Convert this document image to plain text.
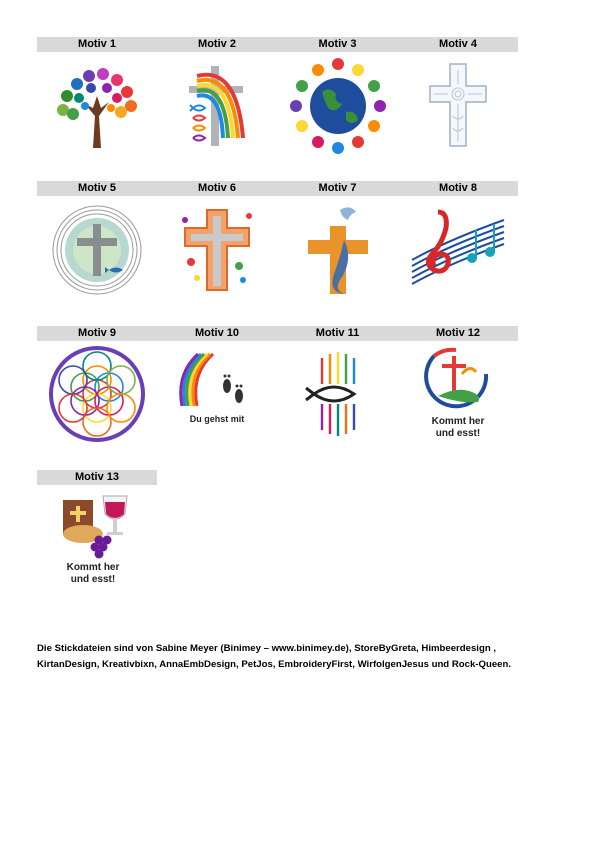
Motiv 1	Motiv 2	Motiv 3	Motiv 4
Motiv 5	Motiv 6	Motiv 7	Motiv 8
Motiv 9	Motiv 10	Motiv 11	Motiv 12
Du gehst mit	Kommt her
und esst!
Motiv 13
Kommt her
und esst!
Die Stickdateien sind von Sabine Meyer (Binimey – www.binimey.de), StoreByGreta, Himbeerdesign ,
KirtanDesign, Kreativbixn, AnnaEmbDesign, PetJos, EmbroideryFirst, WirfolgenJesus und Rock-Queen.
